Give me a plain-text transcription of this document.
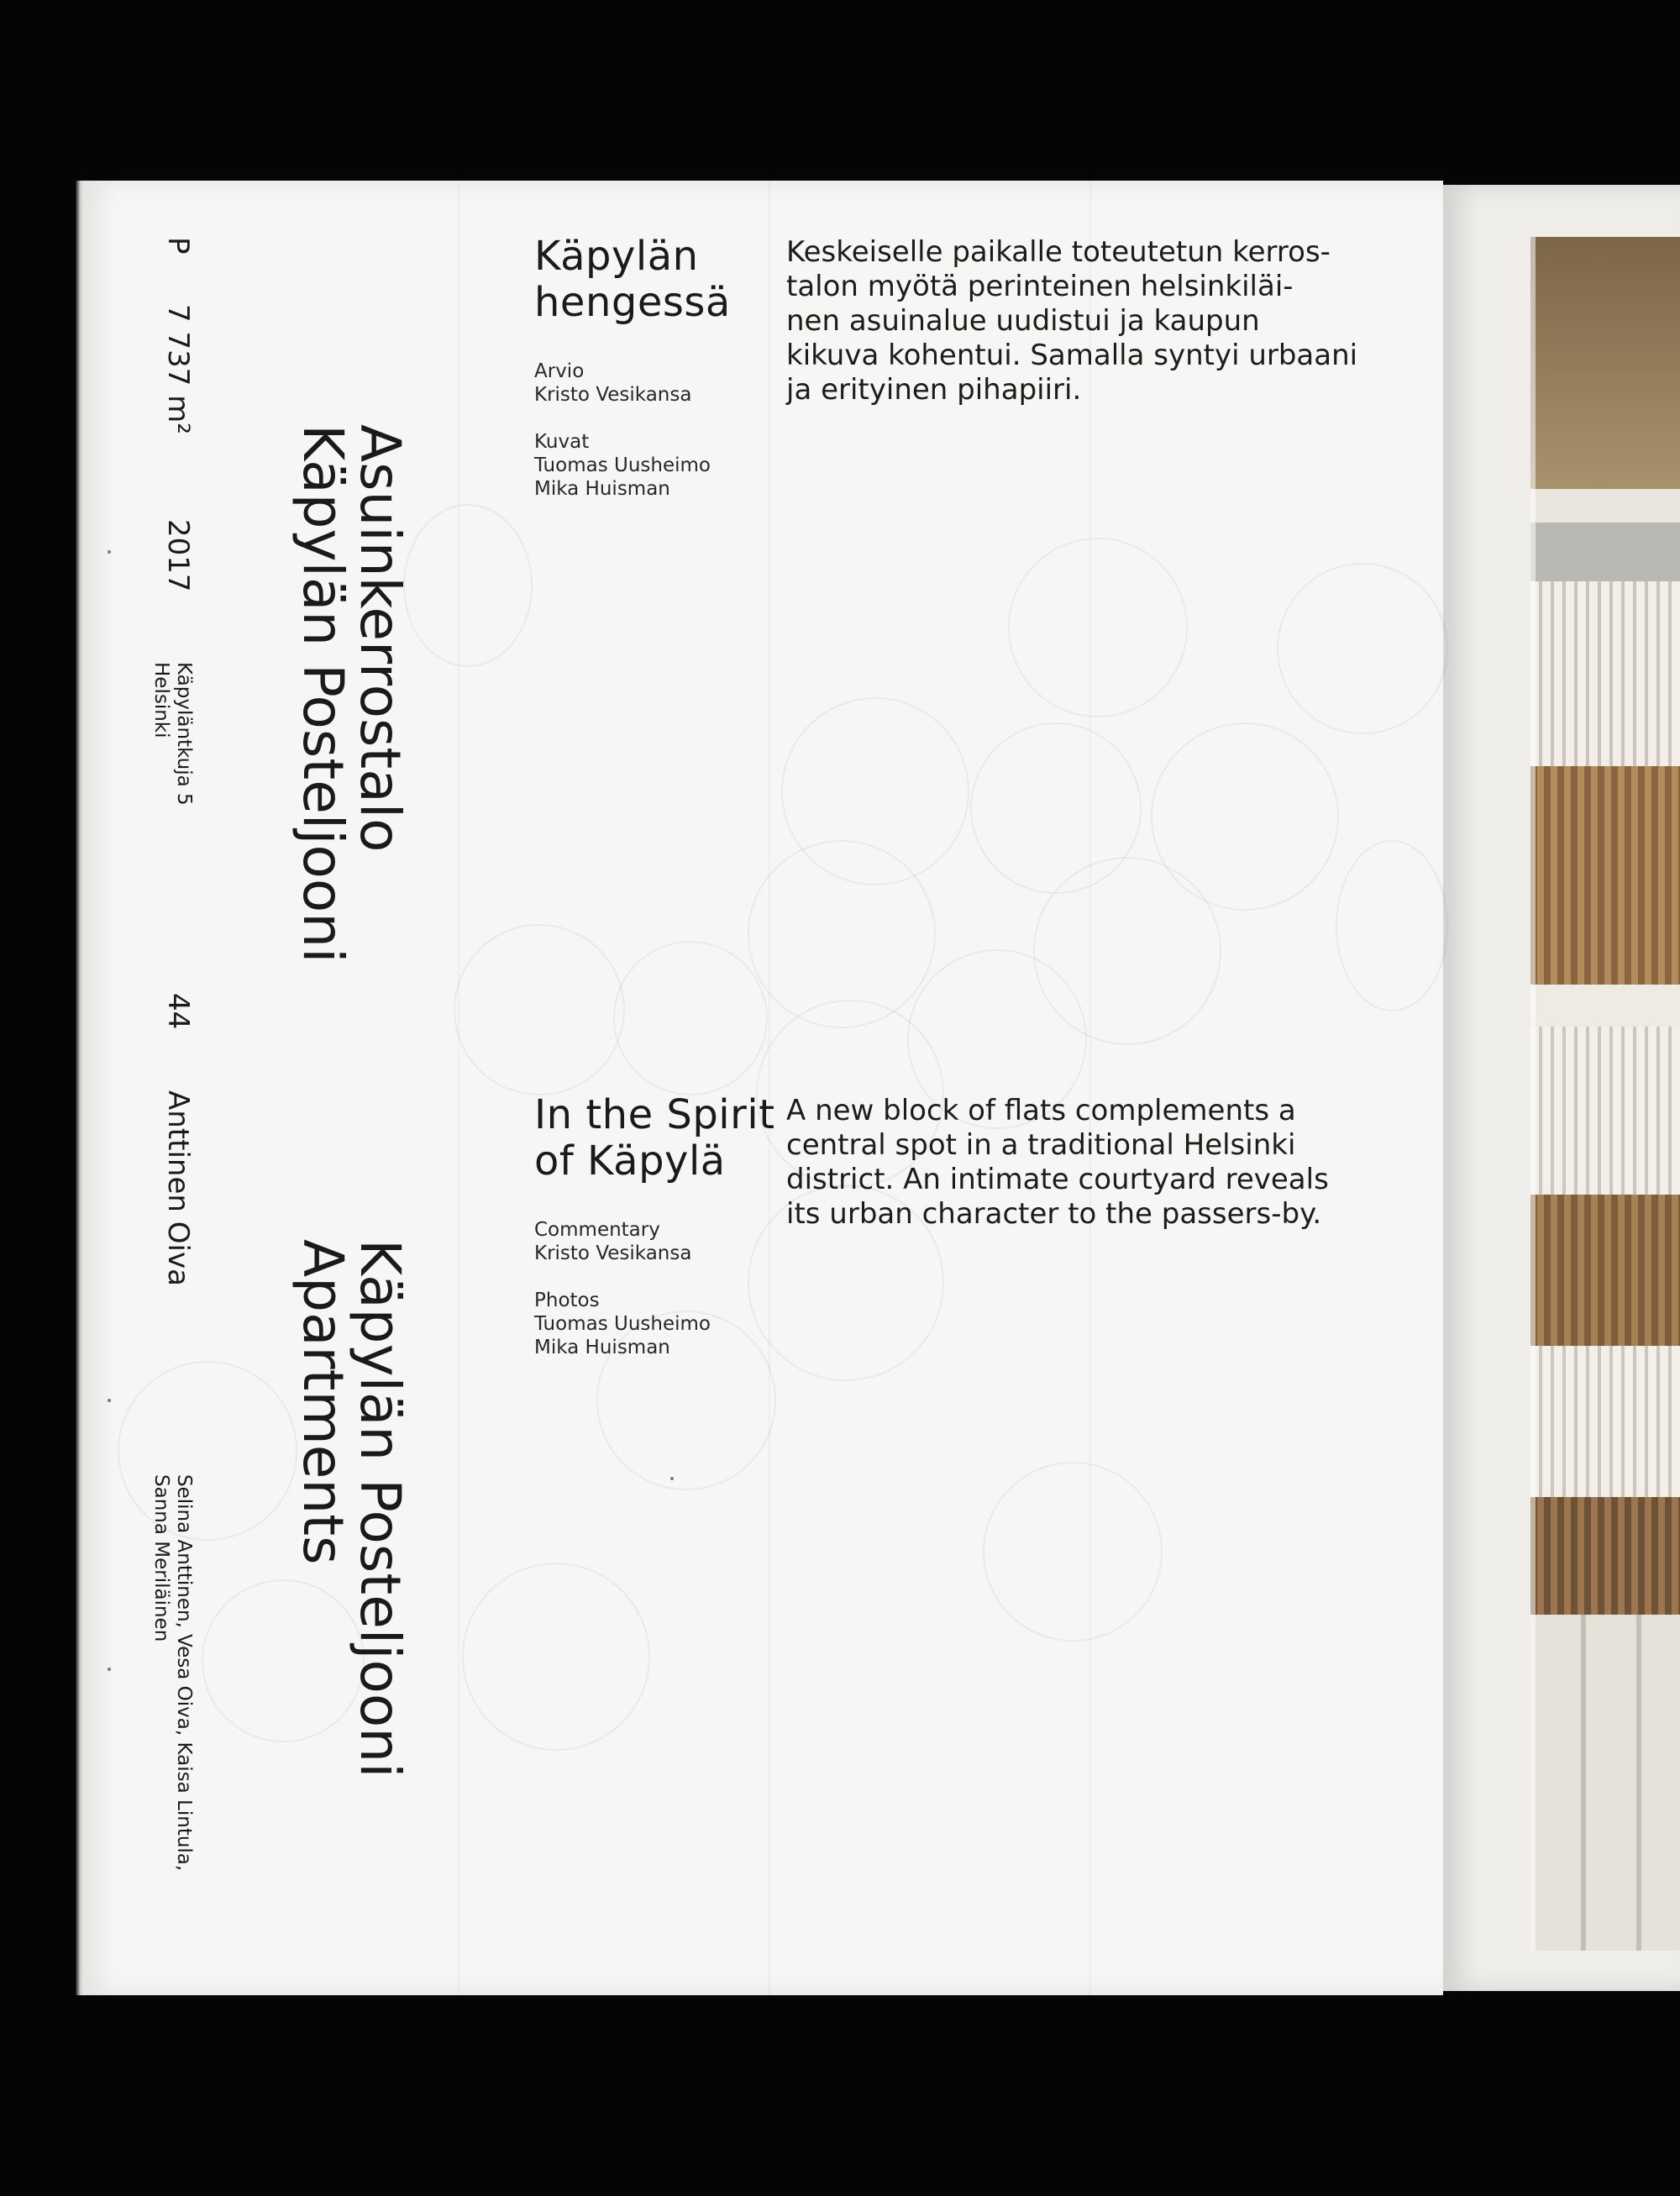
P
7 737 m²
2017
Käpyläntkuja 5
Helsinki
44
Anttinen Oiva
Selina Anttinen, Vesa Oiva, Kaisa Lintula,
Sanna Meriläinen
Asuinkerrostalo
Käpylän Posteljooni
Käpylän Posteljooni
Apartments
Käpylän
hengessä
Arvio
Kristo Vesikansa
Kuvat
Tuomas Uusheimo
Mika Huisman
Keskeiselle paikalle toteutetun kerros-
talon myötä perinteinen helsinkiläi-
nen asuinalue uudistui ja kaupun
kikuva kohentui. Samalla syntyi urbaani
ja erityinen pihapiiri.
In the Spirit
of Käpylä
Commentary
Kristo Vesikansa
Photos
Tuomas Uusheimo
Mika Huisman
A new block of flats complements a
central spot in a traditional Helsinki
district. An intimate courtyard reveals
its urban character to the passers-by.
